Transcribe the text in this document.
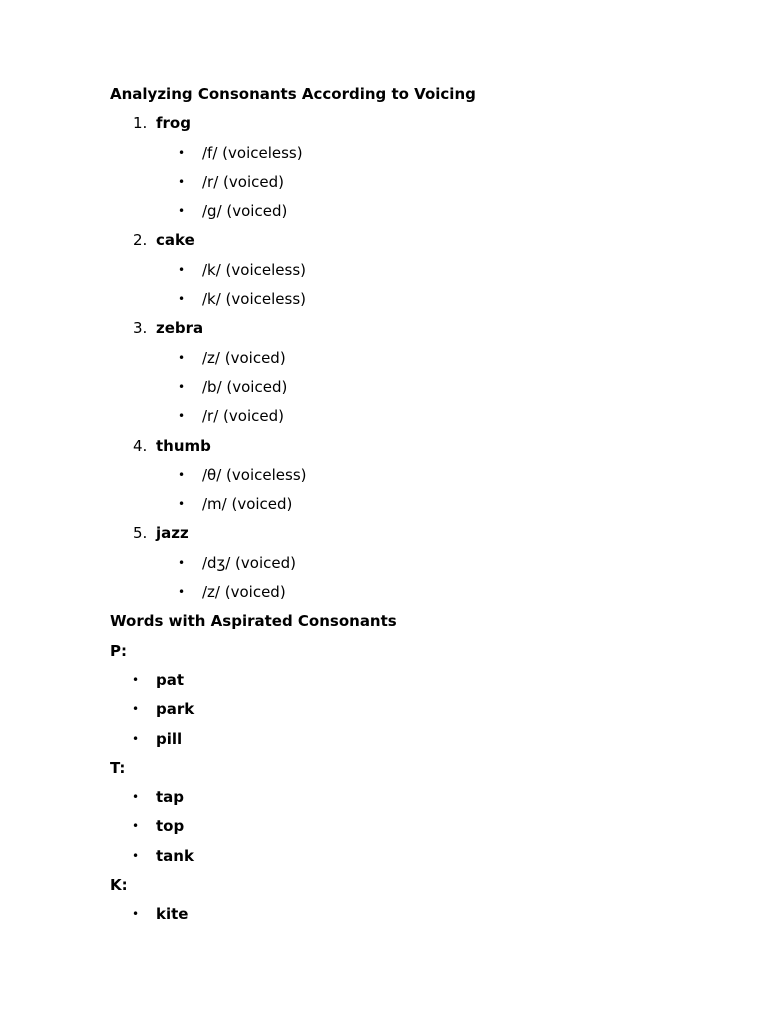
Analyzing Consonants According to Voicing
1. frog
• /f/ (voiceless)
• /r/ (voiced)
• /g/ (voiced)
2. cake
• /k/ (voiceless)
• /k/ (voiceless)
3. zebra
• /z/ (voiced)
• /b/ (voiced)
• /r/ (voiced)
4. thumb
• /θ/ (voiceless)
• /m/ (voiced)
5. jazz
• /dʒ/ (voiced)
• /z/ (voiced)
Words with Aspirated Consonants
P:
• pat
• park
• pill
T:
• tap
• top
• tank
K:
• kite
